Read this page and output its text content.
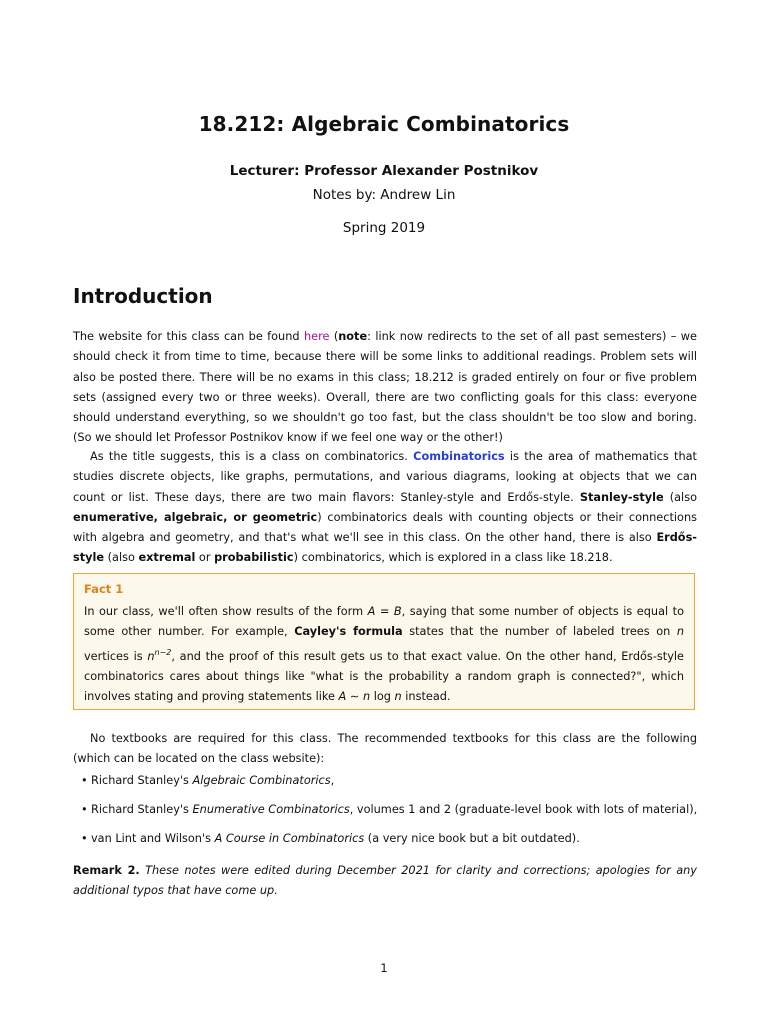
18.212: Algebraic Combinatorics
Lecturer: Professor Alexander Postnikov
Notes by: Andrew Lin
Spring 2019
Introduction

The website for this class can be found here (note: link now redirects to the set of all past semesters) – we should check it from time to time, because there will be some links to additional readings. Problem sets will also be posted there. There will be no exams in this class; 18.212 is graded entirely on four or five problem sets (assigned every two or three weeks). Overall, there are two conflicting goals for this class: everyone should understand everything, so we shouldn't go too fast, but the class shouldn't be too slow and boring. (So we should let Professor Postnikov know if we feel one way or the other!)

As the title suggests, this is a class on combinatorics. Combinatorics is the area of mathematics that studies discrete objects, like graphs, permutations, and various diagrams, looking at objects that we can count or list. These days, there are two main flavors: Stanley-style and Erdős-style. Stanley-style (also enumerative, algebraic, or geometric) combinatorics deals with counting objects or their connections with algebra and geometry, and that's what we'll see in this class. On the other hand, there is also Erdős-style (also extremal or probabilistic) combinatorics, which is explored in a class like 18.218.

Fact 1

In our class, we'll often show results of the form A = B, saying that some number of objects is equal to some other number. For example, Cayley's formula states that the number of labeled trees on n vertices is $n^{n-2}$, and the proof of this result gets us to that exact value. On the other hand, Erdős-style combinatorics cares about things like "what is the probability a random graph is connected?", which involves stating and proving statements like A ∼ n log n instead.

No textbooks are required for this class. The recommended textbooks for this class are the following (which can be located on the class website):

• Richard Stanley's Algebraic Combinatorics,
• Richard Stanley's Enumerative Combinatorics, volumes 1 and 2 (graduate-level book with lots of material),
• van Lint and Wilson's A Course in Combinatorics (a very nice book but a bit outdated).

Remark 2. These notes were edited during December 2021 for clarity and corrections; apologies for any additional typos that have come up.

1
